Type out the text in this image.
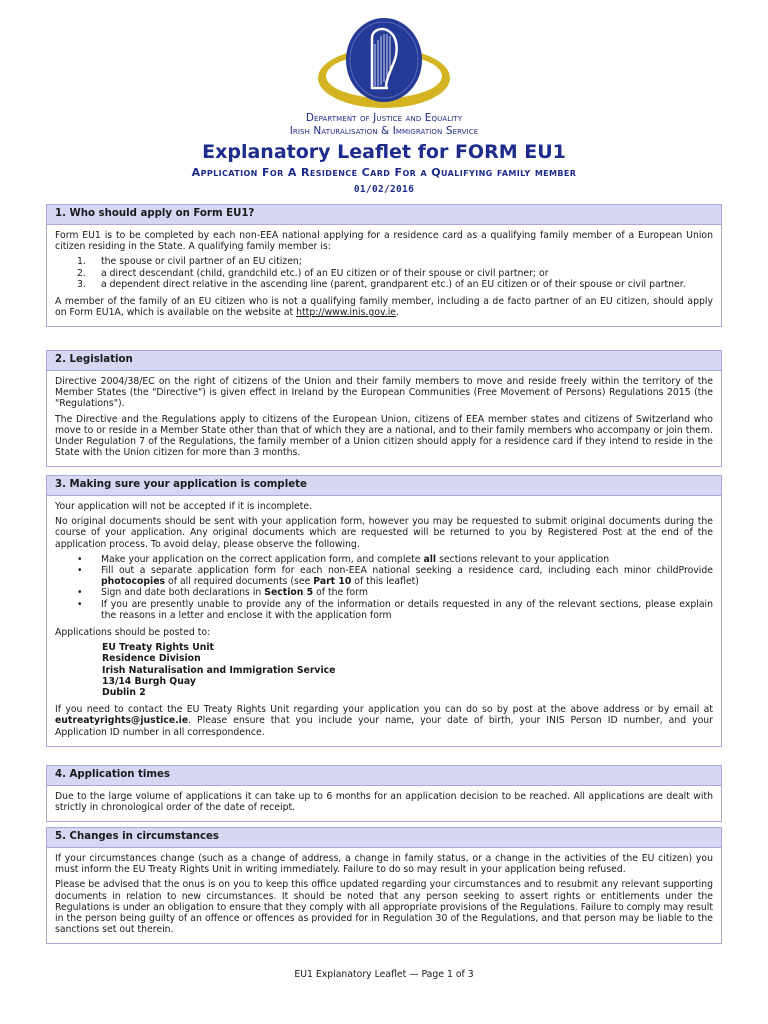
Department of Justice and Equality
Irish Naturalisation & Immigration Service
Explanatory Leaflet for FORM EU1
Application For A Residence Card For a Qualifying family member
01/02/2016
1. Who should apply on Form EU1?

Form EU1 is to be completed by each non-EEA national applying for a residence card as a qualifying family member of a European Union citizen residing in the State. A qualifying family member is:

1. the spouse or civil partner of an EU citizen;
2. a direct descendant (child, grandchild etc.) of an EU citizen or of their spouse or civil partner; or
3. a dependent direct relative in the ascending line (parent, grandparent etc.) of an EU citizen or of their spouse or civil partner.

A member of the family of an EU citizen who is not a qualifying family member, including a de facto partner of an EU citizen, should apply on Form EU1A, which is available on the website at http://www.inis.gov.ie.

2. Legislation

Directive 2004/38/EC on the right of citizens of the Union and their family members to move and reside freely within the territory of the Member States (the "Directive") is given effect in Ireland by the European Communities (Free Movement of Persons) Regulations 2015 (the "Regulations").

The Directive and the Regulations apply to citizens of the European Union, citizens of EEA member states and citizens of Switzerland who move to or reside in a Member State other than that of which they are a national, and to their family members who accompany or join them. Under Regulation 7 of the Regulations, the family member of a Union citizen should apply for a residence card if they intend to reside in the State with the Union citizen for more than 3 months.

3. Making sure your application is complete

Your application will not be accepted if it is incomplete.

No original documents should be sent with your application form, however you may be requested to submit original documents during the course of your application. Any original documents which are requested will be returned to you by Registered Post at the end of the application process. To avoid delay, please observe the following.

• Make your application on the correct application form, and complete all sections relevant to your application
• Fill out a separate application form for each non-EEA national seeking a residence card, including each minor childProvide photocopies of all required documents (see Part 10 of this leaflet)
• Sign and date both declarations in Section 5 of the form
• If you are presently unable to provide any of the information or details requested in any of the relevant sections, please explain the reasons in a letter and enclose it with the application form

Applications should be posted to:

EU Treaty Rights Unit
Residence Division
Irish Naturalisation and Immigration Service
13/14 Burgh Quay
Dublin 2

If you need to contact the EU Treaty Rights Unit regarding your application you can do so by post at the above address or by email at eutreatyrights@justice.ie. Please ensure that you include your name, your date of birth, your INIS Person ID number, and your Application ID number in all correspondence.

4. Application times

Due to the large volume of applications it can take up to 6 months for an application decision to be reached. All applications are dealt with strictly in chronological order of the date of receipt.

5. Changes in circumstances

If your circumstances change (such as a change of address, a change in family status, or a change in the activities of the EU citizen) you must inform the EU Treaty Rights Unit in writing immediately. Failure to do so may result in your application being refused.

Please be advised that the onus is on you to keep this office updated regarding your circumstances and to resubmit any relevant supporting documents in relation to new circumstances. It should be noted that any person seeking to assert rights or entitlements under the Regulations is under an obligation to ensure that they comply with all appropriate provisions of the Regulations. Failure to comply may result in the person being guilty of an offence or offences as provided for in Regulation 30 of the Regulations, and that person may be liable to the sanctions set out therein.

EU1 Explanatory Leaflet — Page 1 of 3
